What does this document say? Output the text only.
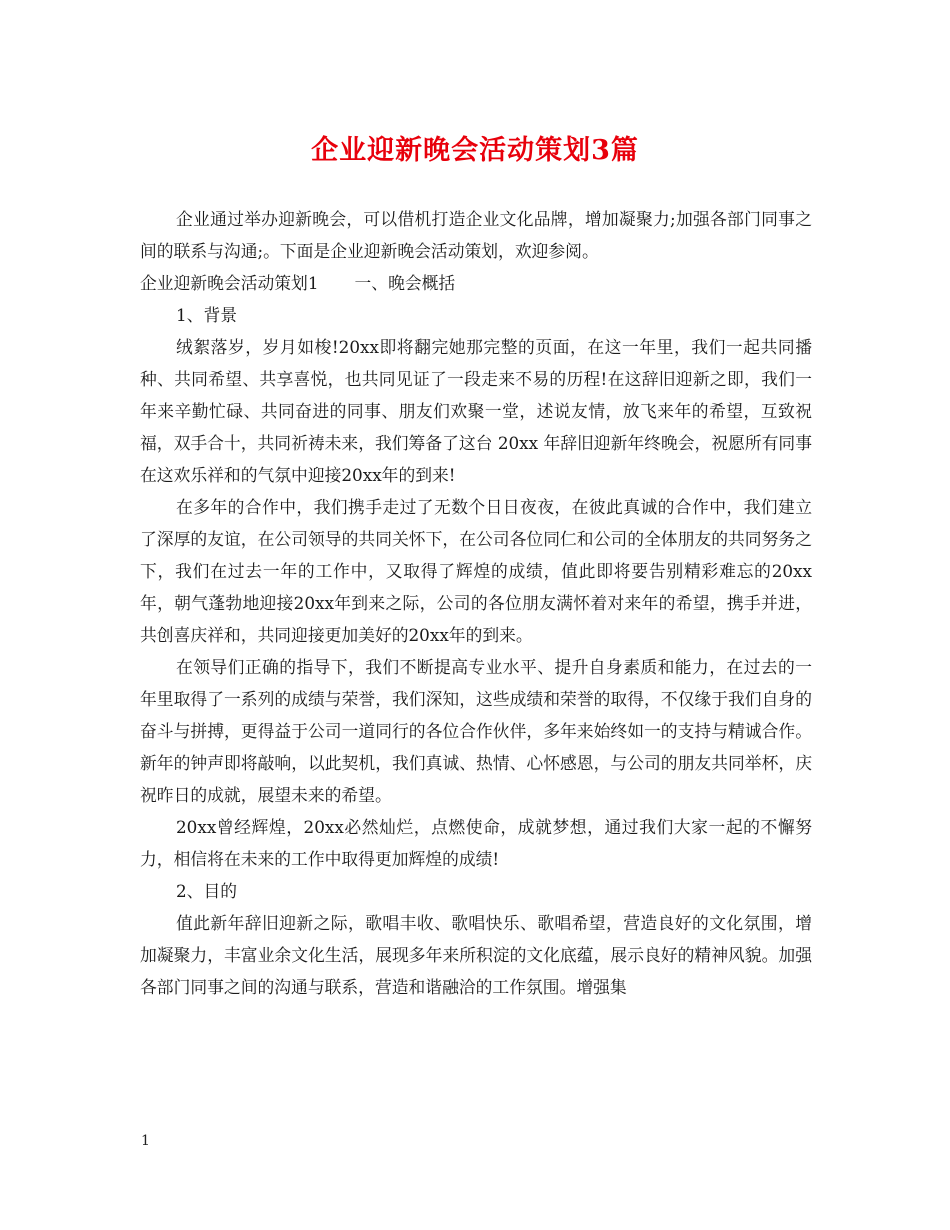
企业迎新晚会活动策划3篇

企业通过举办迎新晚会，可以借机打造企业文化品牌，增加凝聚力;加强各部门同事之间的联系与沟通;。下面是企业迎新晚会活动策划，欢迎参阅。

企业迎新晚会活动策划1 一、晚会概括

1、背景

绒絮落岁，岁月如梭!20xx即将翻完她那完整的页面，在这一年里，我们一起共同播种、共同希望、共享喜悦，也共同见证了一段走来不易的历程!在这辞旧迎新之即，我们一年来辛勤忙碌、共同奋进的同事、朋友们欢聚一堂，述说友情，放飞来年的希望，互致祝福，双手合十，共同祈祷未来，我们筹备了这台 20xx 年辞旧迎新年终晚会，祝愿所有同事在这欢乐祥和的气氛中迎接20xx年的到来!

在多年的合作中，我们携手走过了无数个日日夜夜，在彼此真诚的合作中，我们建立了深厚的友谊，在公司领导的共同关怀下，在公司各位同仁和公司的全体朋友的共同努务之下，我们在过去一年的工作中，又取得了辉煌的成绩，值此即将要告别精彩难忘的20xx年，朝气蓬勃地迎接20xx年到来之际，公司的各位朋友满怀着对来年的希望，携手并进，共创喜庆祥和，共同迎接更加美好的20xx年的到来。

在领导们正确的指导下，我们不断提高专业水平、提升自身素质和能力，在过去的一年里取得了一系列的成绩与荣誉，我们深知，这些成绩和荣誉的取得，不仅缘于我们自身的奋斗与拼搏，更得益于公司一道同行的各位合作伙伴，多年来始终如一的支持与精诚合作。新年的钟声即将敲响，以此契机，我们真诚、热情、心怀感恩，与公司的朋友共同举杯，庆祝昨日的成就，展望未来的希望。

20xx曾经辉煌，20xx必然灿烂，点燃使命，成就梦想，通过我们大家一起的不懈努力，相信将在未来的工作中取得更加辉煌的成绩!

2、目的

值此新年辞旧迎新之际，歌唱丰收、歌唱快乐、歌唱希望，营造良好的文化氛围，增加凝聚力，丰富业余文化生活，展现多年来所积淀的文化底蕴，展示良好的精神风貌。加强各部门同事之间的沟通与联系，营造和谐融洽的工作氛围。增强集

1
